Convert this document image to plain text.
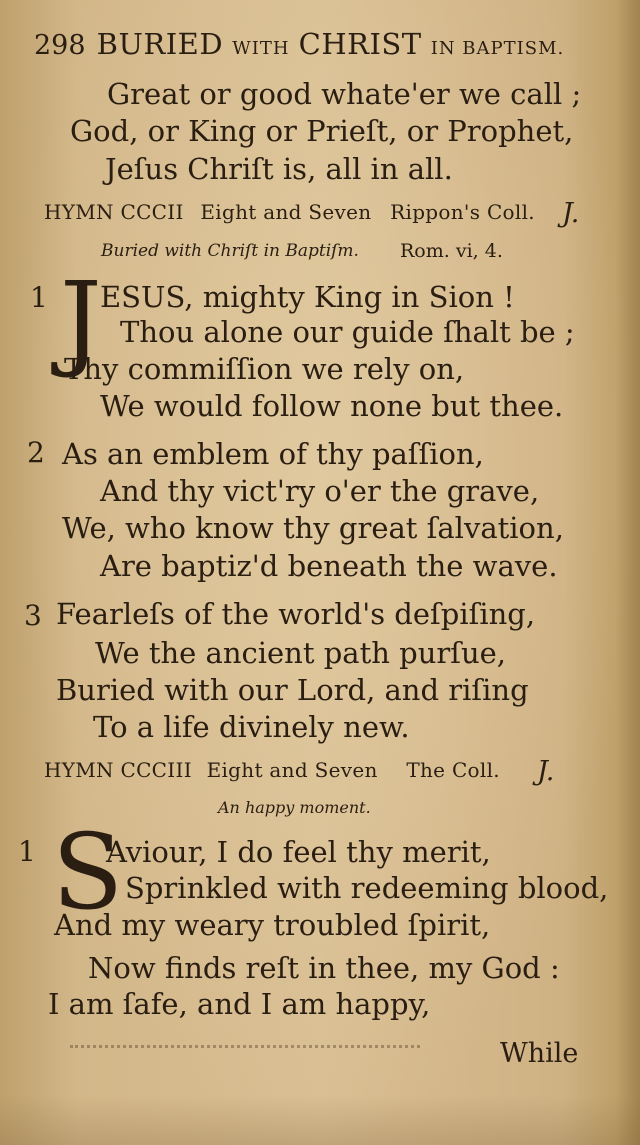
298 BURIED WITH CHRIST IN BAPTISM.
Great or good whate'er we call ;
God, or King or Prieſt, or Prophet,
Jeſus Chriſt is, all in all.
HYMN CCCII Eight and Seven Rippon's Coll. J.
Buried with Chriſt in Baptiſm. Rom. vi, 4.
1 J
ESUS, mighty King in Sion !
Thou alone our guide ſhalt be ;
Thy commiſſion we rely on,
We would follow none but thee.
2 As an emblem of thy paſſion,
And thy vict'ry o'er the grave,
We, who know thy great ſalvation,
Are baptiz'd beneath the wave.
3 Fearleſs of the world's deſpiſing,
We the ancient path purſue,
Buried with our Lord, and riſing
To a life divinely new.
HYMN CCCIII Eight and Seven The Coll. J.
An happy moment.
1 S
Aviour, I do feel thy merit,
Sprinkled with redeeming blood,
And my weary troubled ſpirit,
Now finds reſt in thee, my God :
I am ſafe, and I am happy,
While
